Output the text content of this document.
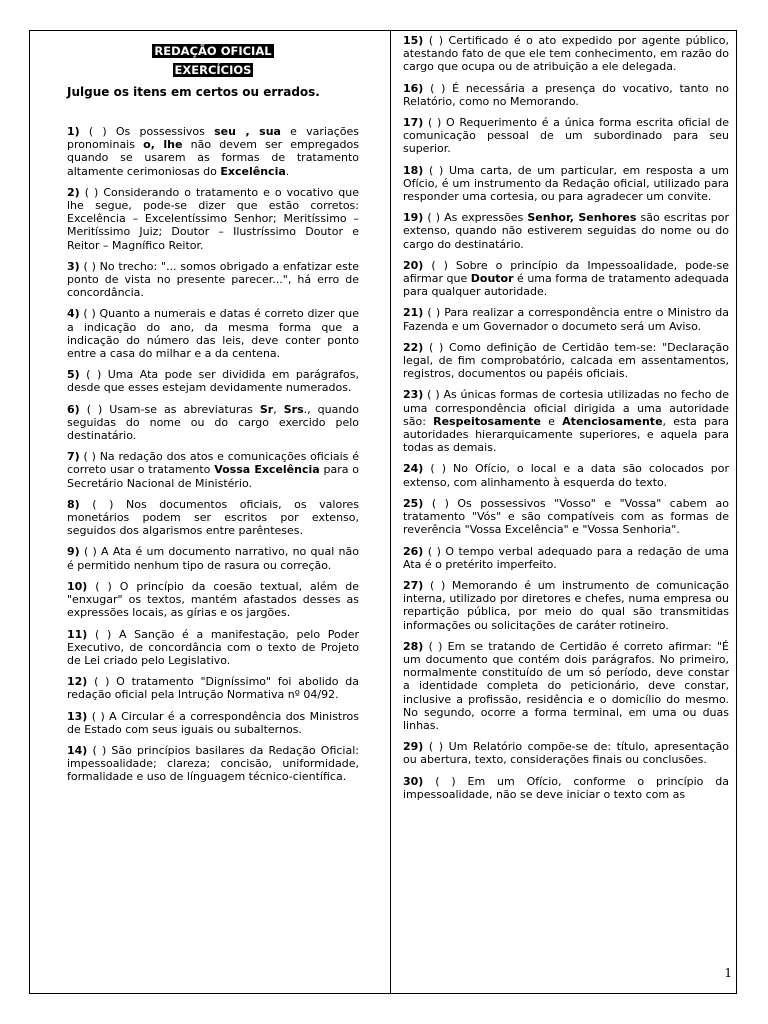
REDAÇÃO OFICIAL
EXERCÍCIOS

Julgue os itens em certos ou errados.

1) ( ) Os possessivos seu , sua e variações pronominais o, lhe não devem ser empregados quando se usarem as formas de tratamento altamente cerimoniosas do Excelência.

2) ( ) Considerando o tratamento e o vocativo que lhe segue, pode-se dizer que estão corretos: Excelência – Excelentíssimo Senhor; Meritíssimo – Meritíssimo Juiz; Doutor – Ilustríssimo Doutor e Reitor – Magnífico Reitor.

3) ( ) No trecho: "... somos obrigado a enfatizar este ponto de vista no presente parecer...", há erro de concordância.

4) ( ) Quanto a numerais e datas é correto dizer que a indicação do ano, da mesma forma que a indicação do número das leis, deve conter ponto entre a casa do milhar e a da centena.

5) ( ) Uma Ata pode ser dividida em parágrafos, desde que esses estejam devidamente numerados.

6) ( ) Usam-se as abreviaturas Sr, Srs., quando seguidas do nome ou do cargo exercido pelo destinatário.

7) ( ) Na redação dos atos e comunicações oficiais é correto usar o tratamento Vossa Excelência para o Secretário Nacional de Ministério.

8) ( ) Nos documentos oficiais, os valores monetários podem ser escritos por extenso, seguidos dos algarismos entre parênteses.

9) ( ) A Ata é um documento narrativo, no qual não é permitido nenhum tipo de rasura ou correção.

10) ( ) O princípio da coesão textual, além de "enxugar" os textos, mantém afastados desses as expressões locais, as gírias e os jargões.

11) ( ) A Sanção é a manifestação, pelo Poder Executivo, de concordância com o texto de Projeto de Lei criado pelo Legislativo.

12) ( ) O tratamento "Digníssimo" foi abolido da redação oficial pela Intrução Normativa nº 04/92.

13) ( ) A Circular é a correspondência dos Ministros de Estado com seus iguais ou subalternos.

14) ( ) São princípios basilares da Redação Oficial: impessoalidade; clareza; concisão, uniformidade, formalidade e uso de línguagem técnico-científica.

15) ( ) Certificado é o ato expedido por agente público, atestando fato de que ele tem conhecimento, em razão do cargo que ocupa ou de atribuição a ele delegada.

16) ( ) É necessária a presença do vocativo, tanto no Relatório, como no Memorando.

17) ( ) O Requerimento é a única forma escrita oficial de comunicação pessoal de um subordinado para seu superior.

18) ( ) Uma carta, de um particular, em resposta a um Ofício, é um instrumento da Redação oficial, utilizado para responder uma cortesia, ou para agradecer um convite.

19) ( ) As expressões Senhor, Senhores são escritas por extenso, quando não estiverem seguidas do nome ou do cargo do destinatário.

20) ( ) Sobre o princípio da Impessoalidade, pode-se afirmar que Doutor é uma forma de tratamento adequada para qualquer autoridade.

21) ( ) Para realizar a correspondência entre o Ministro da Fazenda e um Governador o documeto será um Aviso.

22) ( ) Como definição de Certidão tem-se: "Declaração legal, de fim comprobatório, calcada em assentamentos, registros, documentos ou papéis oficiais.

23) ( ) As únicas formas de cortesia utilizadas no fecho de uma correspondência oficial dirigida a uma autoridade são: Respeitosamente e Atenciosamente, esta para autoridades hierarquicamente superiores, e aquela para todas as demais.

24) ( ) No Ofício, o local e a data são colocados por extenso, com alinhamento à esquerda do texto.

25) ( ) Os possessivos "Vosso" e "Vossa" cabem ao tratamento "Vós" e são compatíveis com as formas de reverência "Vossa Excelência" e "Vossa Senhoria".

26) ( ) O tempo verbal adequado para a redação de uma Ata é o pretérito imperfeito.

27) ( ) Memorando é um instrumento de comunicação interna, utilizado por diretores e chefes, numa empresa ou repartição pública, por meio do qual são transmitidas informações ou solicitações de caráter rotineiro.

28) ( ) Em se tratando de Certidão é correto afirmar: "É um documento que contém dois parágrafos. No primeiro, normalmente constituído de um só período, deve constar a identidade completa do peticionário, deve constar, inclusive a profissão, residência e o domicílio do mesmo. No segundo, ocorre a forma terminal, em uma ou duas linhas.

29) ( ) Um Relatório compõe-se de: título, apresentação ou abertura, texto, considerações finais ou conclusões.

30) ( ) Em um Ofício, conforme o princípio da impessoalidade, não se deve iniciar o texto com as

1
